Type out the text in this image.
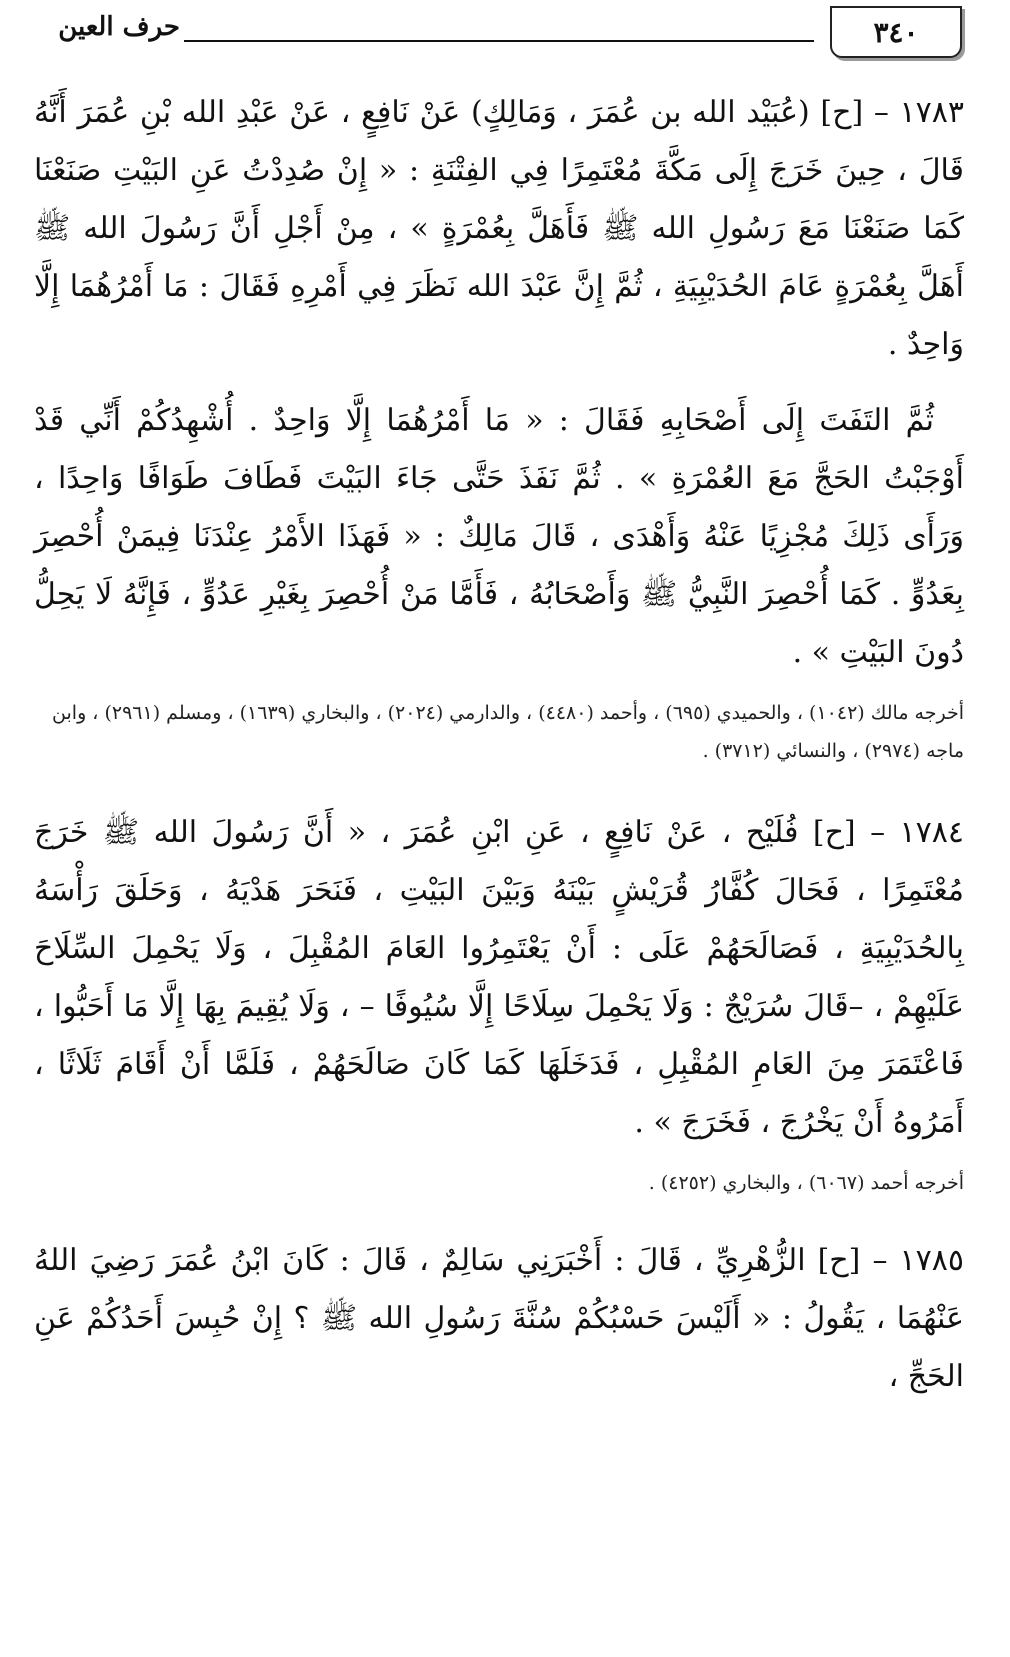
٣٤٠
حرف العين

١٧٨٣ – [ح] (عُبَيْد الله بن عُمَرَ ، وَمَالِكٍ) عَنْ نَافِعٍ ، عَنْ عَبْدِ الله بْنِ عُمَرَ أَنَّهُ قَالَ ، حِينَ خَرَجَ إِلَى مَكَّةَ مُعْتَمِرًا فِي الفِتْنَةِ : « إِنْ صُدِدْتُ عَنِ البَيْتِ صَنَعْنَا كَمَا صَنَعْنَا مَعَ رَسُولِ الله ﷺ فَأَهَلَّ بِعُمْرَةٍ » ، مِنْ أَجْلِ أَنَّ رَسُولَ الله ﷺ أَهَلَّ بِعُمْرَةٍ عَامَ الحُدَيْبِيَةِ ، ثُمَّ إِنَّ عَبْدَ الله نَظَرَ فِي أَمْرِهِ فَقَالَ : مَا أَمْرُهُمَا إِلَّا وَاحِدٌ .

ثُمَّ التَفَتَ إِلَى أَصْحَابِهِ فَقَالَ : « مَا أَمْرُهُمَا إِلَّا وَاحِدٌ . أُشْهِدُكُمْ أَنِّي قَدْ أَوْجَبْتُ الحَجَّ مَعَ العُمْرَةِ » . ثُمَّ نَفَذَ حَتَّى جَاءَ البَيْتَ فَطَافَ طَوَافًا وَاحِدًا ، وَرَأَى ذَلِكَ مُجْزِيًا عَنْهُ وَأَهْدَى ، قَالَ مَالِكٌ : « فَهَذَا الأَمْرُ عِنْدَنَا فِيمَنْ أُحْصِرَ بِعَدُوٍّ . كَمَا أُحْصِرَ النَّبِيُّ ﷺ وَأَصْحَابُهُ ، فَأَمَّا مَنْ أُحْصِرَ بِغَيْرِ عَدُوٍّ ، فَإِنَّهُ لَا يَحِلُّ دُونَ البَيْتِ » .

أخرجه مالك (١٠٤٢) ، والحميدي (٦٩٥) ، وأحمد (٤٤٨٠) ، والدارمي (٢٠٢٤) ، والبخاري (١٦٣٩) ، ومسلم (٢٩٦١) ، وابن ماجه (٢٩٧٤) ، والنسائي (٣٧١٢) .

١٧٨٤ – [ح] فُلَيْح ، عَنْ نَافِعٍ ، عَنِ ابْنِ عُمَرَ ، « أَنَّ رَسُولَ الله ﷺ خَرَجَ مُعْتَمِرًا ، فَحَالَ كُفَّارُ قُرَيْشٍ بَيْنَهُ وَبَيْنَ البَيْتِ ، فَنَحَرَ هَدْيَهُ ، وَحَلَقَ رَأْسَهُ بِالحُدَيْبِيَةِ ، فَصَالَحَهُمْ عَلَى : أَنْ يَعْتَمِرُوا العَامَ المُقْبِلَ ، وَلَا يَحْمِلَ السِّلَاحَ عَلَيْهِمْ ، –قَالَ سُرَيْجٌ : وَلَا يَحْمِلَ سِلَاحًا إِلَّا سُيُوفًا – ، وَلَا يُقِيمَ بِهَا إِلَّا مَا أَحَبُّوا ، فَاعْتَمَرَ مِنَ العَامِ المُقْبِلِ ، فَدَخَلَهَا كَمَا كَانَ صَالَحَهُمْ ، فَلَمَّا أَنْ أَقَامَ ثَلَاثًا ، أَمَرُوهُ أَنْ يَخْرُجَ ، فَخَرَجَ » .

أخرجه أحمد (٦٠٦٧) ، والبخاري (٤٢٥٢) .

١٧٨٥ – [ح] الزُّهْرِيِّ ، قَالَ : أَخْبَرَنِي سَالِمٌ ، قَالَ : كَانَ ابْنُ عُمَرَ رَضِيَ اللهُ عَنْهُمَا ، يَقُولُ : « أَلَيْسَ حَسْبُكُمْ سُنَّةَ رَسُولِ الله ﷺ ؟ إِنْ حُبِسَ أَحَدُكُمْ عَنِ الحَجِّ ،
